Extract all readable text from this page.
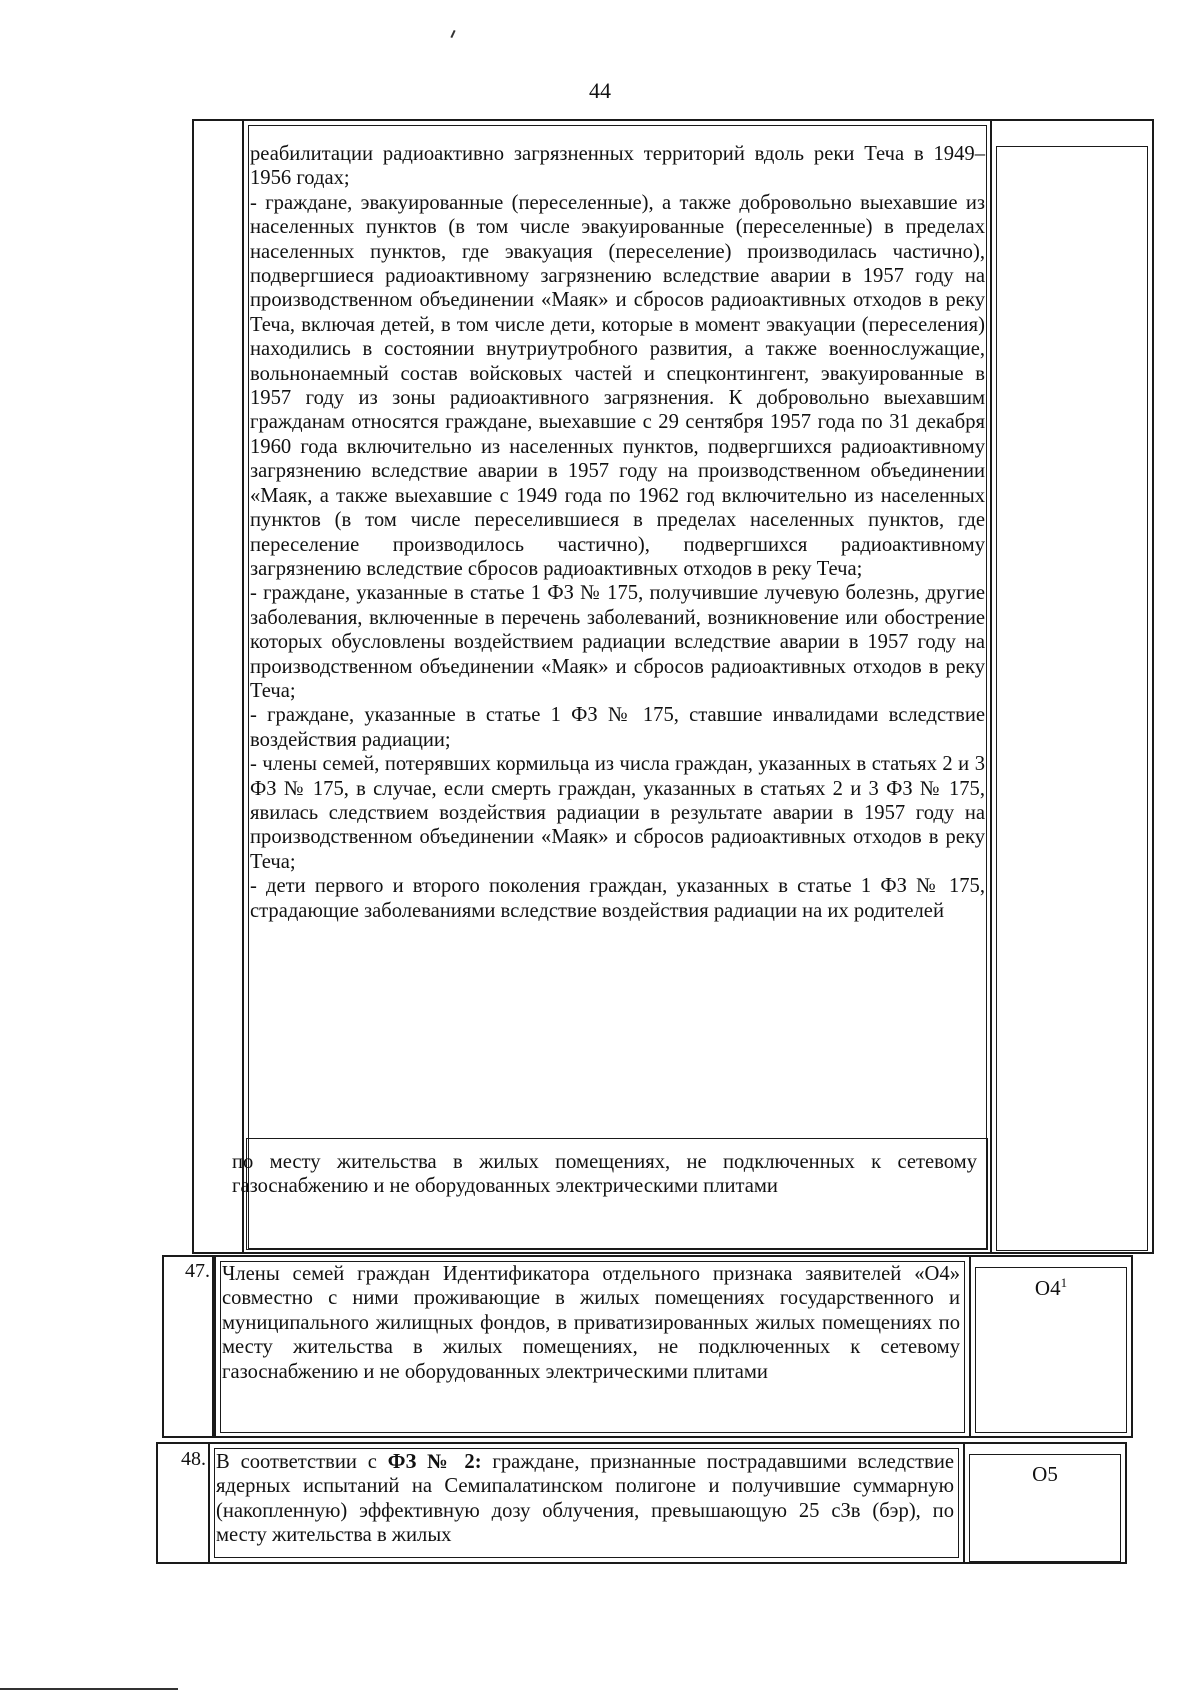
44

реабилитации радиоактивно загрязненных территорий вдоль реки Теча в 1949–1956 годах;

- граждане, эвакуированные (переселенные), а также добровольно выехавшие из населенных пунктов (в том числе эвакуированные (переселенные) в пределах населенных пунктов, где эвакуация (переселение) производилась частично), подвергшиеся радиоактивному загрязнению вследствие аварии в 1957 году на производственном объединении «Маяк» и сбросов радиоактивных отходов в реку Теча, включая детей, в том числе дети, которые в момент эвакуации (переселения) находились в состоянии внутриутробного развития, а также военнослужащие, вольнонаемный состав войсковых частей и спецконтингент, эвакуированные в 1957 году из зоны радиоактивного загрязнения. К добровольно выехавшим гражданам относятся граждане, выехавшие с 29 сентября 1957 года по 31 декабря 1960 года включительно из населенных пунктов, подвергшихся радиоактивному загрязнению вследствие аварии в 1957 году на производственном объединении «Маяк, а также выехавшие с 1949 года по 1962 год включительно из населенных пунктов (в том числе переселившиеся в пределах населенных пунктов, где переселение производилось частично), подвергшихся радиоактивному загрязнению вследствие сбросов радиоактивных отходов в реку Теча;

- граждане, указанные в статье 1 ФЗ № 175, получившие лучевую болезнь, другие заболевания, включенные в перечень заболеваний, возникновение или обострение которых обусловлены воздействием радиации вследствие аварии в 1957 году на производственном объединении «Маяк» и сбросов радиоактивных отходов в реку Теча;

- граждане, указанные в статье 1 ФЗ № 175, ставшие инвалидами вследствие воздействия радиации;

- члены семей, потерявших кормильца из числа граждан, указанных в статьях 2 и 3 ФЗ № 175, в случае, если смерть граждан, указанных в статьях 2 и 3 ФЗ № 175, явилась следствием воздействия радиации в результате аварии в 1957 году на производственном объединении «Маяк» и сбросов радиоактивных отходов в реку Теча;

- дети первого и второго поколения граждан, указанных в статье 1 ФЗ № 175, страдающие заболеваниями вследствие воздействия радиации на их родителей

по месту жительства в жилых помещениях, не подключенных к сетевому газоснабжению и не оборудованных электрическими плитами

47. Члены семей граждан Идентификатора отдельного признака заявителей «О4» совместно с ними проживающие в жилых помещениях государственного и муниципального жилищных фондов, в приватизированных жилых помещениях по месту жительства в жилых помещениях, не подключенных к сетевому газоснабжению и не оборудованных электрическими плитами

$О4^1$
48. В соответствии с ФЗ № 2: граждане, признанные пострадавшими вследствие ядерных испытаний на Семипалатинском полигоне и получившие суммарную (накопленную) эффективную дозу облучения, превышающую 25 сЗв (бэр), по месту жительства в жилых

О5
